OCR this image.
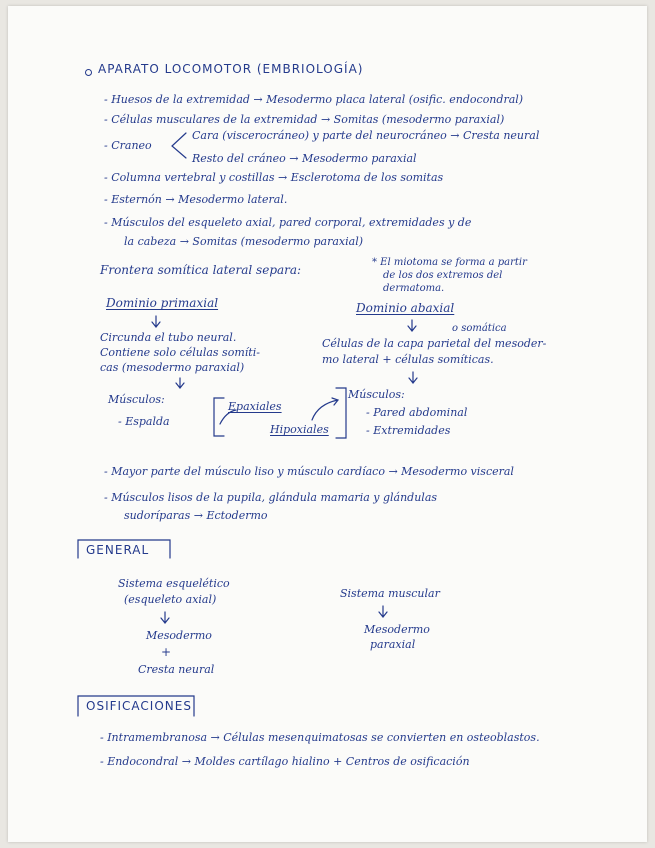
APARATO LOCOMOTOR (EMBRIOLOGÍA)
- Huesos de la extremidad → Mesodermo placa lateral (osific. endocondral)
- Células musculares de la extremidad → Somitas (mesodermo paraxial)
- Craneo
Cara (viscerocráneo) y parte del neurocráneo → Cresta neural
Resto del cráneo → Mesodermo paraxial
- Columna vertebral y costillas → Esclerotoma de los somitas
- Esternón → Mesodermo lateral.
- Músculos del esqueleto axial, pared corporal, extremidades y de
la cabeza → Somitas (mesodermo paraxial)
Frontera somítica lateral separa:
* El miotoma se forma a partir
de los dos extremos del
dermatoma.
Dominio primaxial
Circunda el tubo neural.
Contiene solo células somíti-
cas (mesodermo paraxial)
Músculos:
- Espalda
Dominio abaxial
o somática
Células de la capa parietal del mesoder-
mo lateral + células somíticas.
Músculos:
- Pared abdominal
- Extremidades
Epaxiales
Hipoxiales
- Mayor parte del músculo liso y músculo cardíaco → Mesodermo visceral
- Músculos lisos de la pupila, glándula mamaria y glándulas
sudoríparas → Ectodermo
GENERAL
Sistema esquelético
(esqueleto axial)
Mesodermo
+
Cresta neural
Sistema muscular
Mesodermo
paraxial
OSIFICACIONES
- Intramembranosa → Células mesenquimatosas se convierten en osteoblastos.
- Endocondral → Moldes cartílago hialino + Centros de osificación
